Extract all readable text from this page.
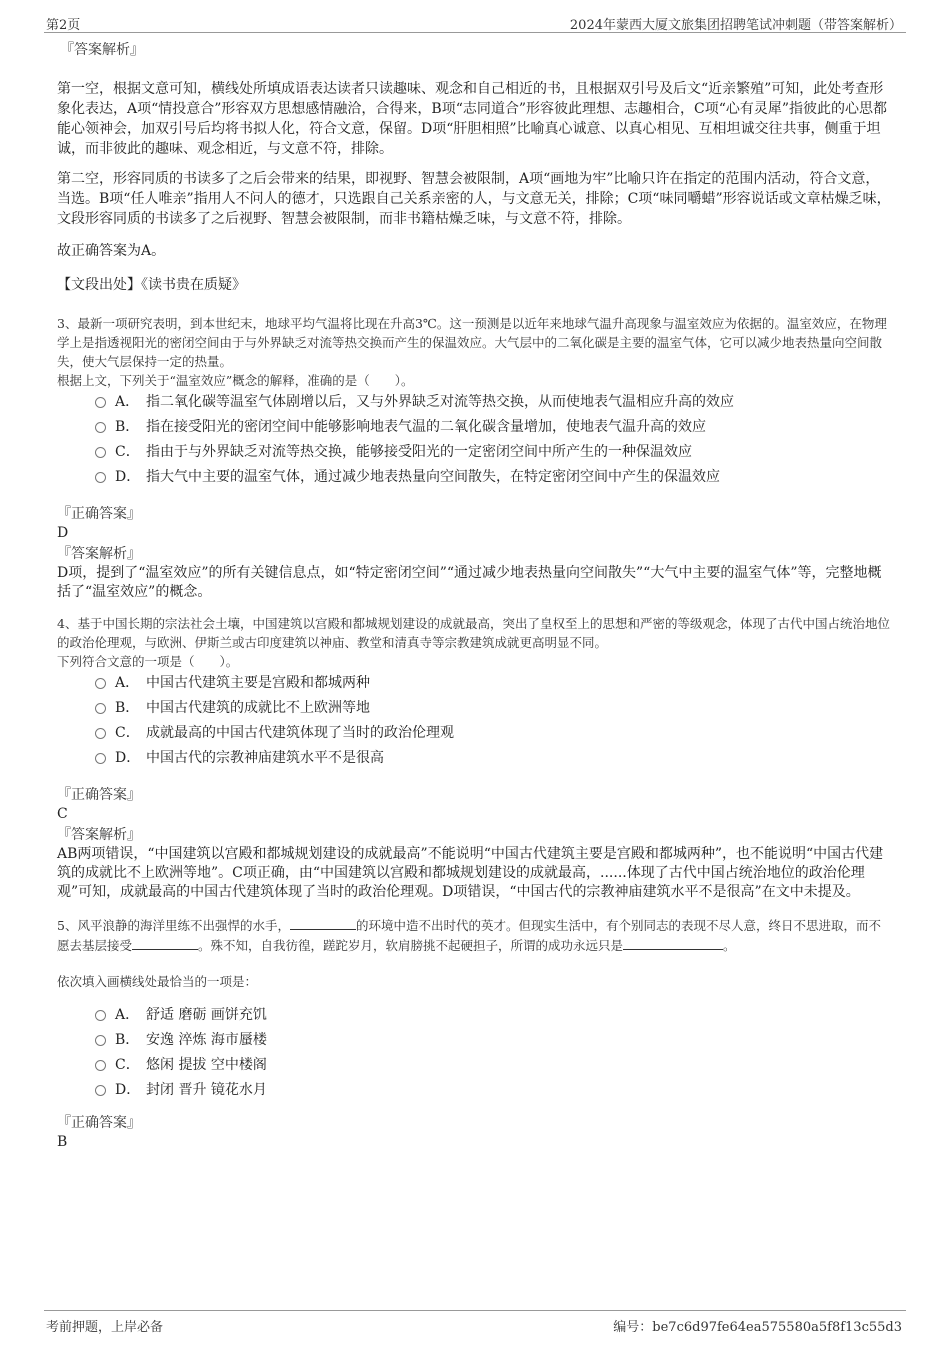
第2页	2024年蒙西大厦文旅集团招聘笔试冲刺题（带答案解析）
『答案解析』

第一空，根据文意可知，横线处所填成语表达读者只读趣味、观念和自己相近的书，且根据双引号及后文“近亲繁殖”可知，此处考查形象化表达，A项“情投意合”形容双方思想感情融洽，合得来，B项“志同道合”形容彼此理想、志趣相合，C项“心有灵犀”指彼此的心思都能心领神会，加双引号后均将书拟人化，符合文意，保留。D项“肝胆相照”比喻真心诚意、以真心相见、互相坦诚交往共事，侧重于坦诚，而非彼此的趣味、观念相近，与文意不符，排除。

第二空，形容同质的书读多了之后会带来的结果，即视野、智慧会被限制，A项“画地为牢”比喻只许在指定的范围内活动，符合文意，当选。B项“任人唯亲”指用人不问人的德才，只选跟自己关系亲密的人，与文意无关，排除；C项“味同嚼蜡”形容说话或文章枯燥乏味，文段形容同质的书读多了之后视野、智慧会被限制，而非书籍枯燥乏味，与文意不符，排除。

故正确答案为A。

【文段出处】《读书贵在质疑》

3、最新一项研究表明，到本世纪末，地球平均气温将比现在升高3℃。这一预测是以近年来地球气温升高现象与温室效应为依据的。温室效应，在物理学上是指透视阳光的密闭空间由于与外界缺乏对流等热交换而产生的保温效应。大气层中的二氧化碳是主要的温室气体，它可以减少地表热量向空间散失，使大气层保持一定的热量。

根据上文，下列关于“温室效应”概念的解释，准确的是（　　）。

A． 指二氧化碳等温室气体剧增以后，又与外界缺乏对流等热交换，从而使地表气温相应升高的效应
B． 指在接受阳光的密闭空间中能够影响地表气温的二氧化碳含量增加，使地表气温升高的效应
C． 指由于与外界缺乏对流等热交换，能够接受阳光的一定密闭空间中所产生的一种保温效应
D． 指大气中主要的温室气体，通过减少地表热量向空间散失，在特定密闭空间中产生的保温效应
『正确答案』
D
『答案解析』

D项，提到了“温室效应”的所有关键信息点，如“特定密闭空间”“通过减少地表热量向空间散失”“大气中主要的温室气体”等，完整地概括了“温室效应”的概念。

4、基于中国长期的宗法社会土壤，中国建筑以宫殿和都城规划建设的成就最高，突出了皇权至上的思想和严密的等级观念，体现了古代中国占统治地位的政治伦理观，与欧洲、伊斯兰或古印度建筑以神庙、教堂和清真寺等宗教建筑成就更高明显不同。

下列符合文意的一项是（　　）。

A． 中国古代建筑主要是宫殿和都城两种
B． 中国古代建筑的成就比不上欧洲等地
C． 成就最高的中国古代建筑体现了当时的政治伦理观
D． 中国古代的宗教神庙建筑水平不是很高
『正确答案』
C
『答案解析』

AB两项错误，“中国建筑以宫殿和都城规划建设的成就最高”不能说明“中国古代建筑主要是宫殿和都城两种”，也不能说明“中国古代建筑的成就比不上欧洲等地”。C项正确，由“中国建筑以宫殿和都城规划建设的成就最高，......体现了古代中国占统治地位的政治伦理观”可知，成就最高的中国古代建筑体现了当时的政治伦理观。D项错误，“中国古代的宗教神庙建筑水平不是很高”在文中未提及。

5、风平浪静的海洋里练不出强悍的水手，	的环境中造不出时代的英才。但现实生活中，有个别同志的表现不尽人意，终日不思进取，而不愿去基层接受	。殊不知，自我彷徨，蹉跎岁月，软肩膀挑不起硬担子，所谓的成功永远只是	。

依次填入画横线处最恰当的一项是：

A． 舒适 磨砺 画饼充饥
B． 安逸 淬炼 海市蜃楼
C． 悠闲 提拔 空中楼阁
D． 封闭 晋升 镜花水月
『正确答案』
B
考前押题，上岸必备	编号：be7c6d97fe64ea575580a5f8f13c55d3
